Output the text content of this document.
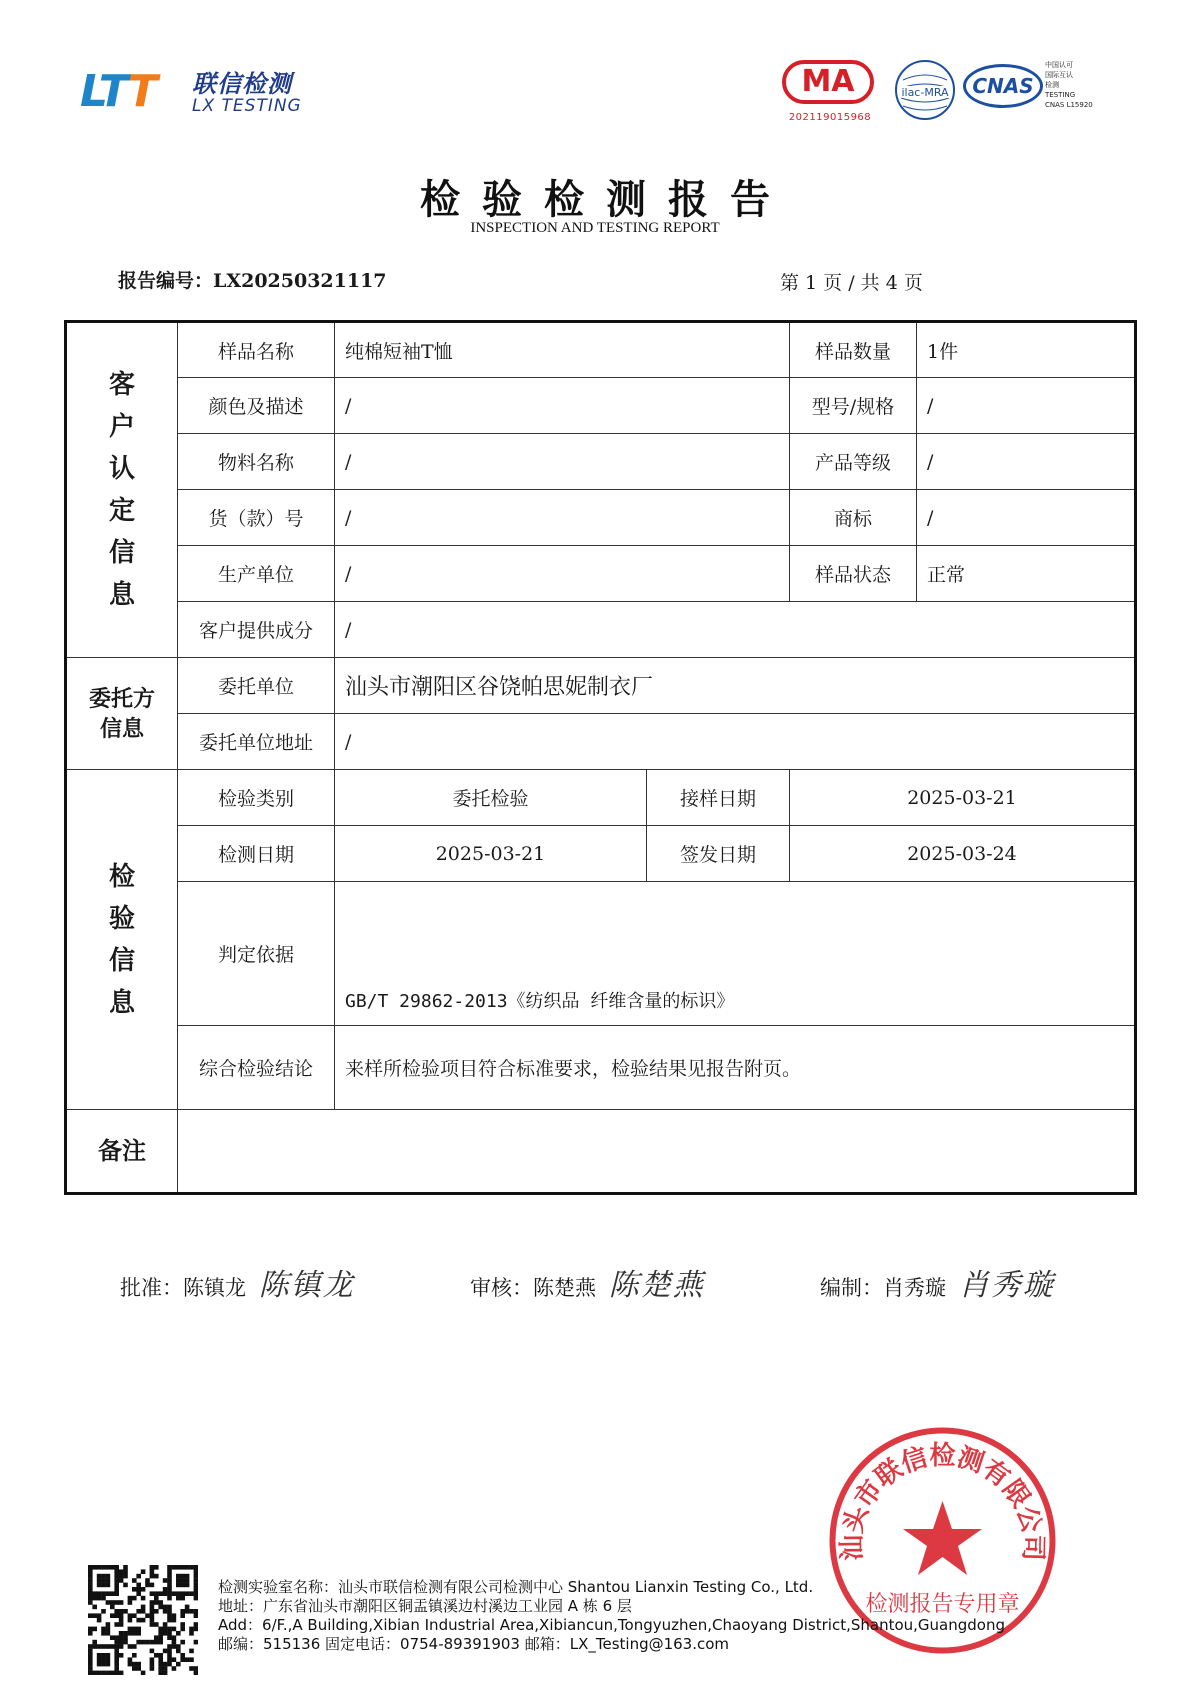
LTT 联信检测
LX TESTING
MA
202119015968
ilac-MRA	CNAS
中国认可
国际互认
检测
TESTING
CNAS L15920
检验检测报告
INSPECTION AND TESTING REPORT
报告编号：LX20250321117	第 1 页 / 共 4 页
客户认定信息	样品名称	纯棉短袖T恤		样品数量	1件
	颜色及描述	/		型号/规格	/
	物料名称	/		产品等级	/
	货（款）号	/		商标	/
	生产单位	/		样品状态	正常
	客户提供成分	/			
委托方信息	委托单位	汕头市潮阳区谷饶帕思妮制衣厂			
	委托单位地址	/			
检验信息	检验类别	委托检验	接样日期	2025-03-21	
	检测日期	2025-03-21	签发日期	2025-03-24	
	判定依据	GB/T 29862-2013《纺织品 纤维含量的标识》			
	综合检验结论	来样所检验项目符合标准要求，检验结果见报告附页。			
备注					
批准：陈镇龙 陈镇龙	审核：陈楚燕 陈楚燕	编制：肖秀璇 肖秀璇
汕头市联信检测有限公司
检测报告专用章
检测实验室名称：汕头市联信检测有限公司检测中心 Shantou Lianxin Testing Co., Ltd.
地址：广东省汕头市潮阳区铜盂镇溪边村溪边工业园 A 栋 6 层
Add：6/F.,A Building,Xibian Industrial Area,Xibiancun,Tongyuzhen,Chaoyang District,Shantou,Guangdong
邮编：515136 固定电话：0754-89391903 邮箱：LX_Testing@163.com
